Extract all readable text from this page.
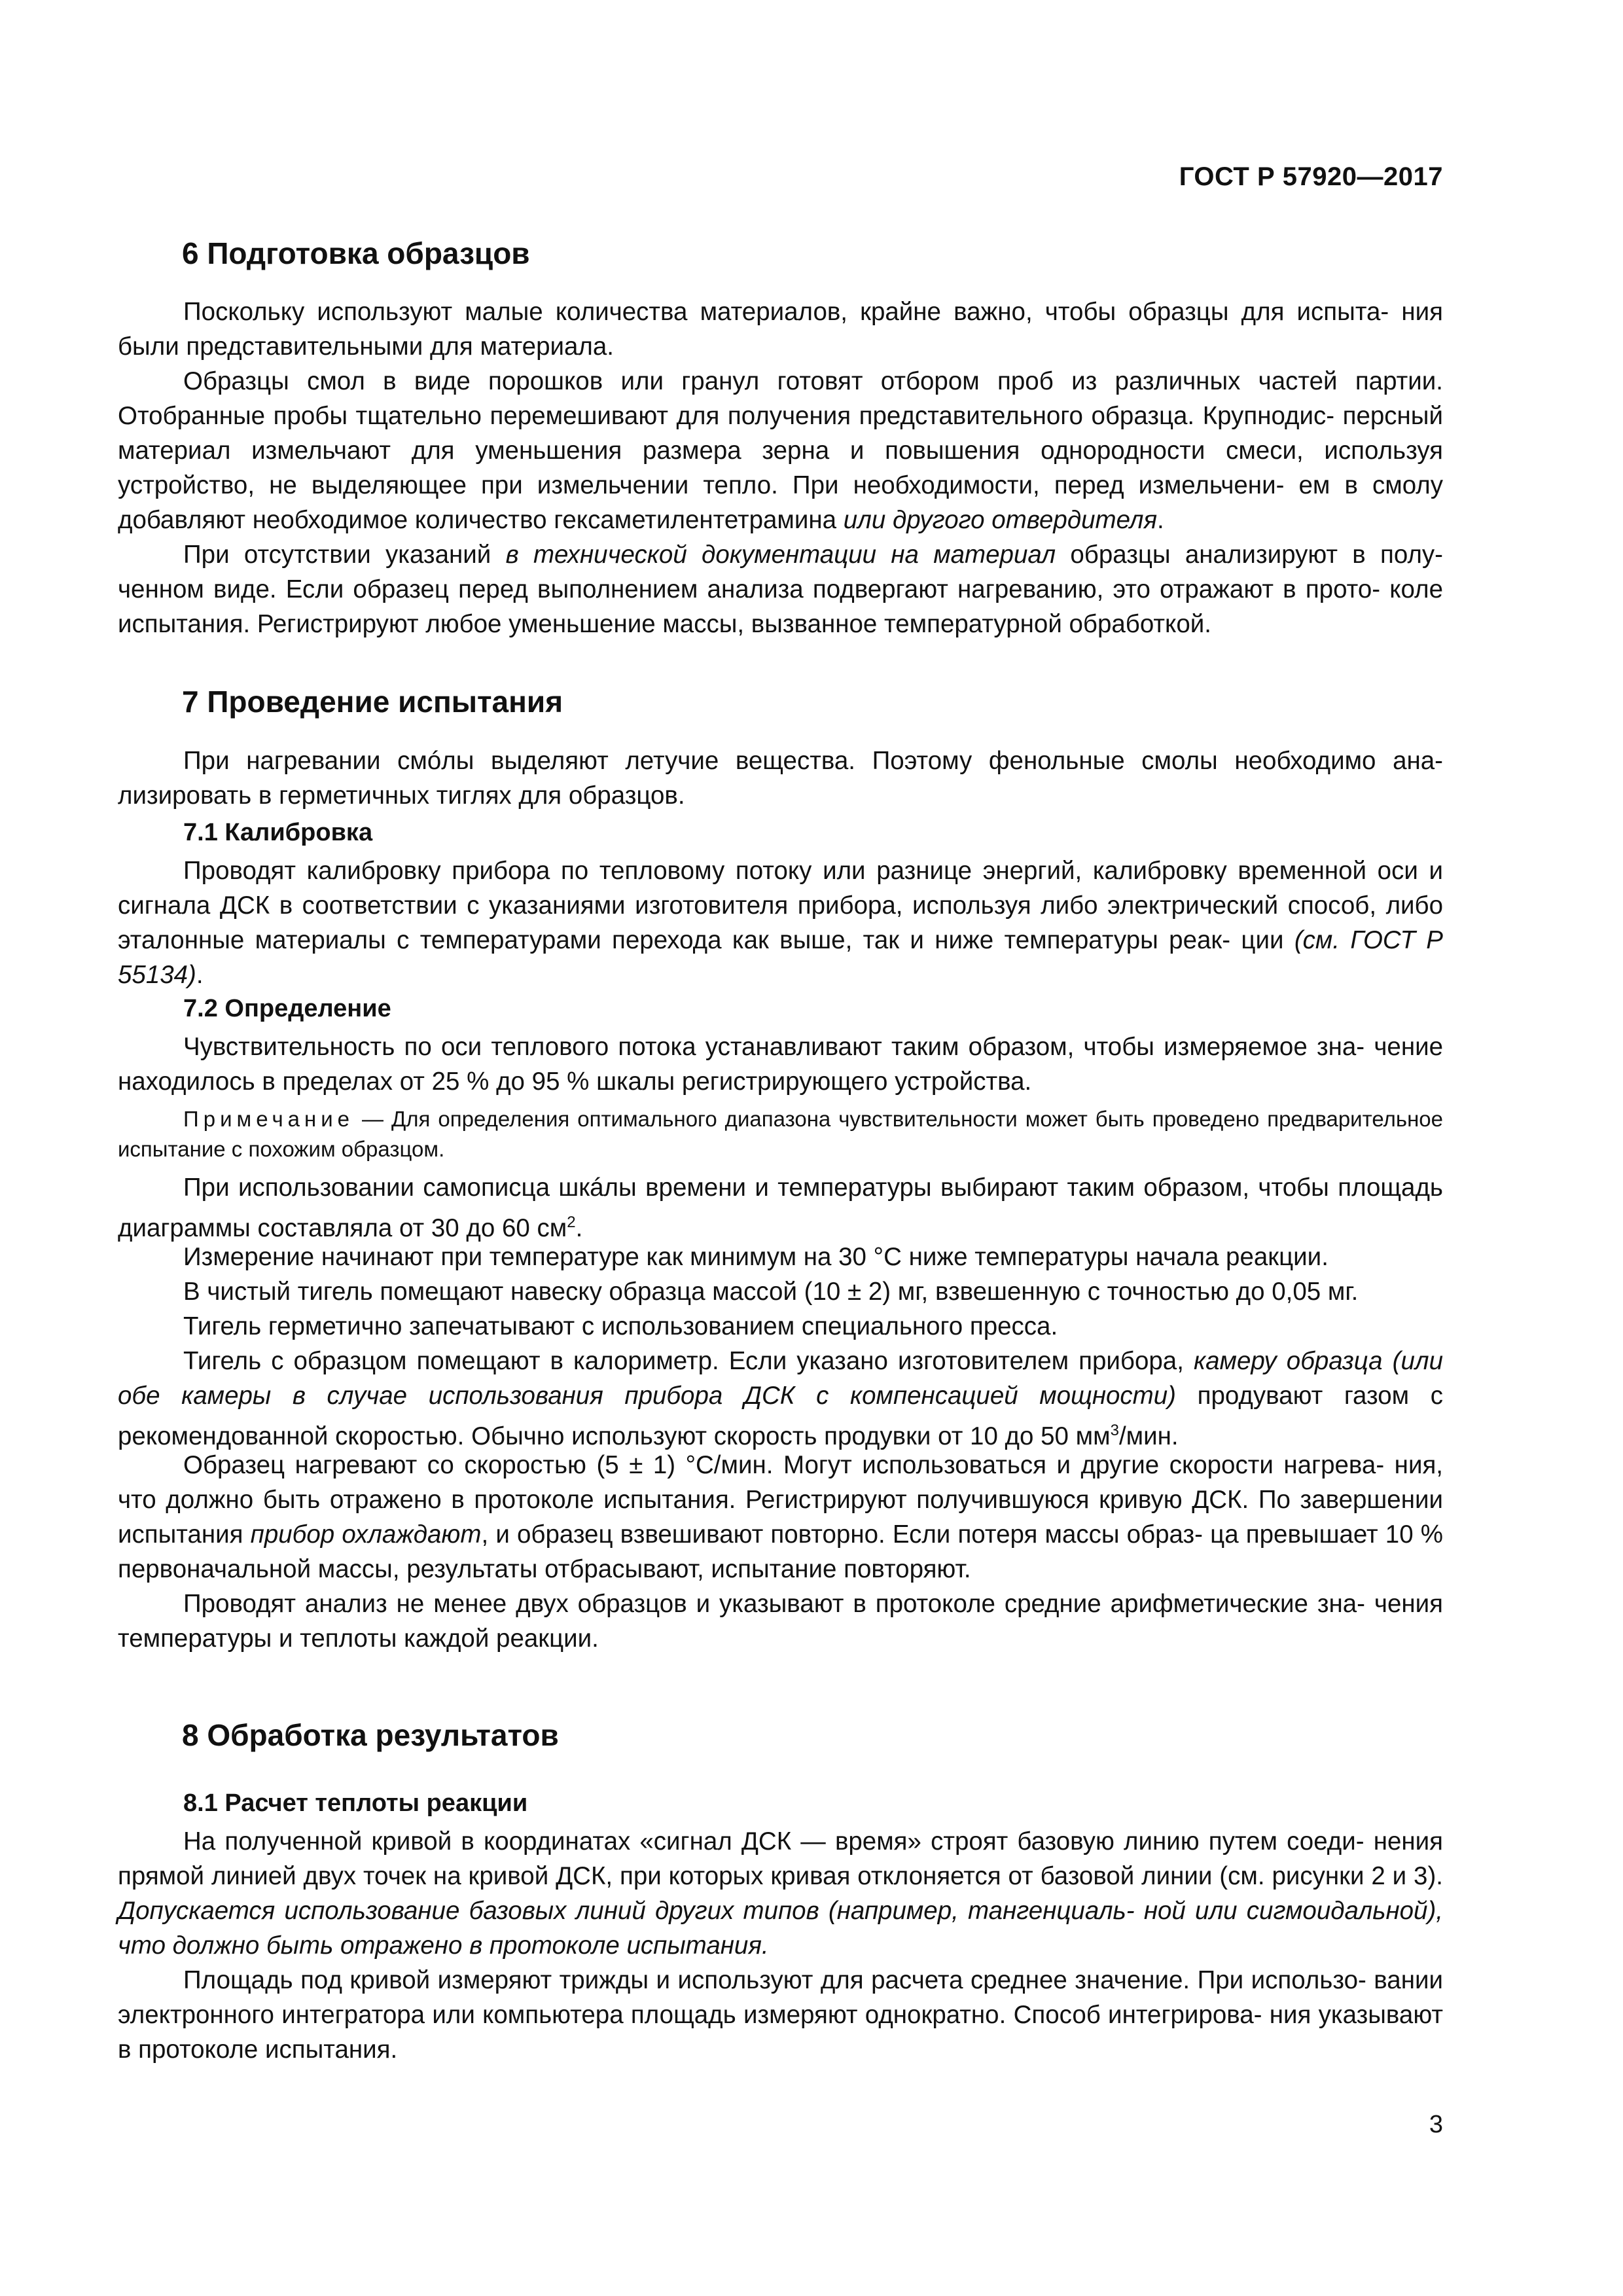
ГОСТ Р 57920—2017
6 Подготовка образцов

Поскольку используют малые количества материалов, крайне важно, чтобы образцы для испыта- ния были представительными для материала.

Образцы смол в виде порошков или гранул готовят отбором проб из различных частей партии. Отобранные пробы тщательно перемешивают для получения представительного образца. Крупнодис- персный материал измельчают для уменьшения размера зерна и повышения однородности смеси, используя устройство, не выделяющее при измельчении тепло. При необходимости, перед измельчени- ем в смолу добавляют необходимое количество гексаметилентетрамина или другого отвердителя.

При отсутствии указаний в технической документации на материал образцы анализируют в полу- ченном виде. Если образец перед выполнением анализа подвергают нагреванию, это отражают в прото- коле испытания. Регистрируют любое уменьшение массы, вызванное температурной обработкой.

7 Проведение испытания

При нагревании смóлы выделяют летучие вещества. Поэтому фенольные смолы необходимо ана- лизировать в герметичных тиглях для образцов.

7.1 Калибровка

Проводят калибровку прибора по тепловому потоку или разнице энергий, калибровку временной оси и сигнала ДСК в соответствии с указаниями изготовителя прибора, используя либо электрический способ, либо эталонные материалы с температурами перехода как выше, так и ниже температуры реак- ции (см. ГОСТ Р 55134).

7.2 Определение

Чувствительность по оси теплового потока устанавливают таким образом, чтобы измеряемое зна- чение находилось в пределах от 25 % до 95 % шкалы регистрирующего устройства.

Примечание — Для определения оптимального диапазона чувствительности может быть проведено предварительное испытание с похожим образцом.

При использовании самописца шкáлы времени и температуры выбирают таким образом, чтобы площадь диаграммы составляла от 30 до 60 $см^2$.

Измерение начинают при температуре как минимум на 30 °С ниже температуры начала реакции.

В чистый тигель помещают навеску образца массой (10 ± 2) мг, взвешенную с точностью до 0,05 мг.

Тигель герметично запечатывают с использованием специального пресса.

Тигель с образцом помещают в калориметр. Если указано изготовителем прибора, камеру образца (или обе камеры в случае использования прибора ДСК с компенсацией мощности) продувают газом с рекомендованной скоростью. Обычно используют скорость продувки от 10 до 50 $мм^3$/мин.

Образец нагревают со скоростью (5 ± 1) °С/мин. Могут использоваться и другие скорости нагрева- ния, что должно быть отражено в протоколе испытания. Регистрируют получившуюся кривую ДСК. По завершении испытания прибор охлаждают, и образец взвешивают повторно. Если потеря массы образ- ца превышает 10 % первоначальной массы, результаты отбрасывают, испытание повторяют.

Проводят анализ не менее двух образцов и указывают в протоколе средние арифметические зна- чения температуры и теплоты каждой реакции.

8 Обработка результатов
8.1 Расчет теплоты реакции

На полученной кривой в координатах «сигнал ДСК — время» строят базовую линию путем соеди- нения прямой линией двух точек на кривой ДСК, при которых кривая отклоняется от базовой линии (см. рисунки 2 и 3). Допускается использование базовых линий других типов (например, тангенциаль- ной или сигмоидальной), что должно быть отражено в протоколе испытания.

Площадь под кривой измеряют трижды и используют для расчета среднее значение. При использо- вании электронного интегратора или компьютера площадь измеряют однократно. Способ интегрирова- ния указывают в протоколе испытания.

3
